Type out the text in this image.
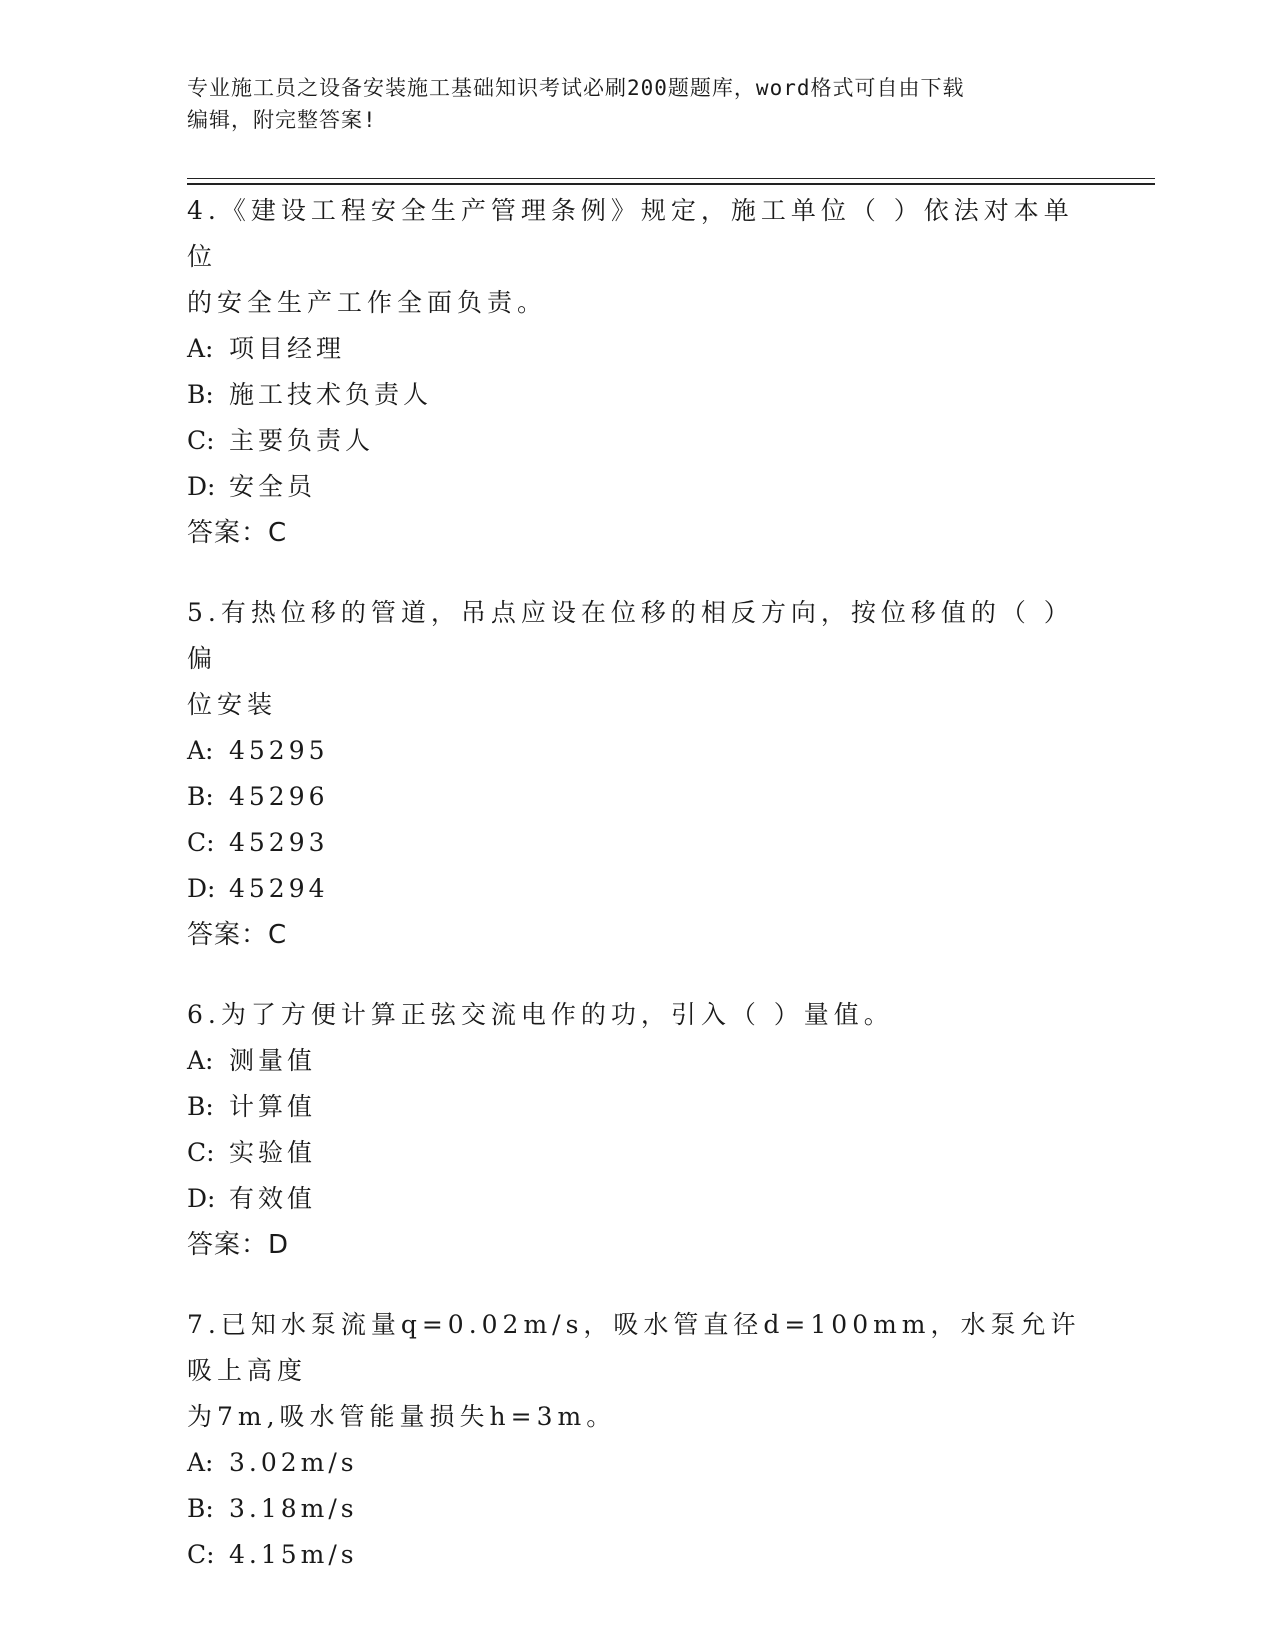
专业施工员之设备安装施工基础知识考试必刷200题题库，word格式可自由下载
编辑，附完整答案!

4.《建设工程安全生产管理条例》规定，施工单位（ ）依法对本单位

的安全生产工作全面负责。

A: 项目经理

B: 施工技术负责人

C: 主要负责人

D: 安全员

答案：C

5.有热位移的管道，吊点应设在位移的相反方向，按位移值的（ ）偏

位安装

A: 45295

B: 45296

C: 45293

D: 45294

答案：C

6.为了方便计算正弦交流电作的功，引入（ ）量值。

A: 测量值

B: 计算值

C: 实验值

D: 有效值

答案：D

7.已知水泵流量q=0.02m/s，吸水管直径d=100mm，水泵允许吸上高度

为7m,吸水管能量损失h=3m。

A: 3.02m/s

B: 3.18m/s

C: 4.15m/s
